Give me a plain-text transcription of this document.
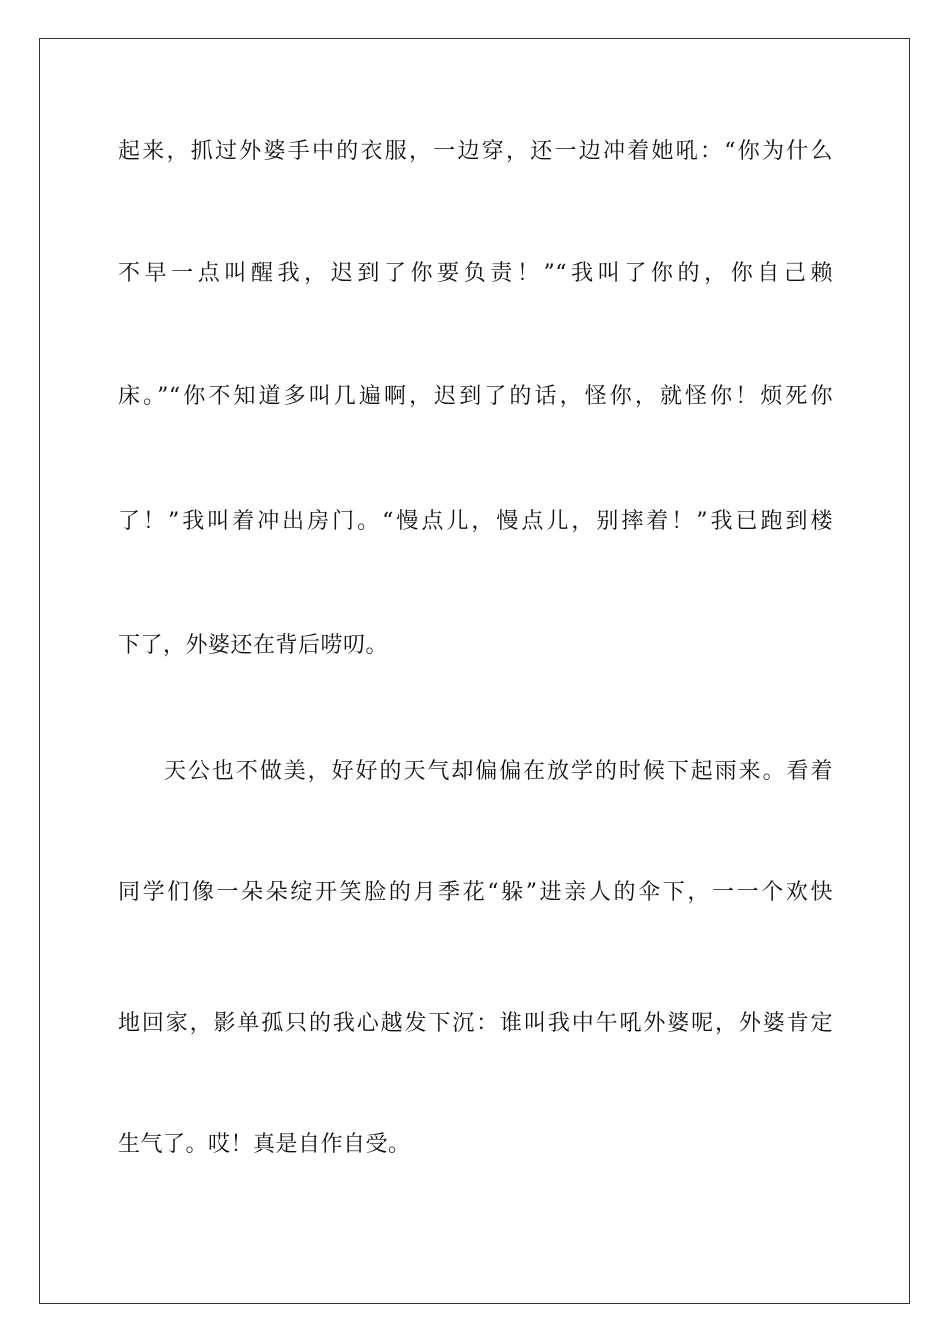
起来，抓过外婆手中的衣服，一边穿，还一边冲着她吼：“你为什么
不早一点叫醒我，迟到了你要负责！”“我叫了你的，你自己赖
床。”“你不知道多叫几遍啊，迟到了的话，怪你，就怪你！烦死你
了！”我叫着冲出房门。“慢点儿，慢点儿，别摔着！”我已跑到楼
下了，外婆还在背后唠叨。
天公也不做美，好好的天气却偏偏在放学的时候下起雨来。看着
同学们像一朵朵绽开笑脸的月季花“躲”进亲人的伞下，一一个欢快
地回家，影单孤只的我心越发下沉：谁叫我中午吼外婆呢，外婆肯定
生气了。哎！真是自作自受。
